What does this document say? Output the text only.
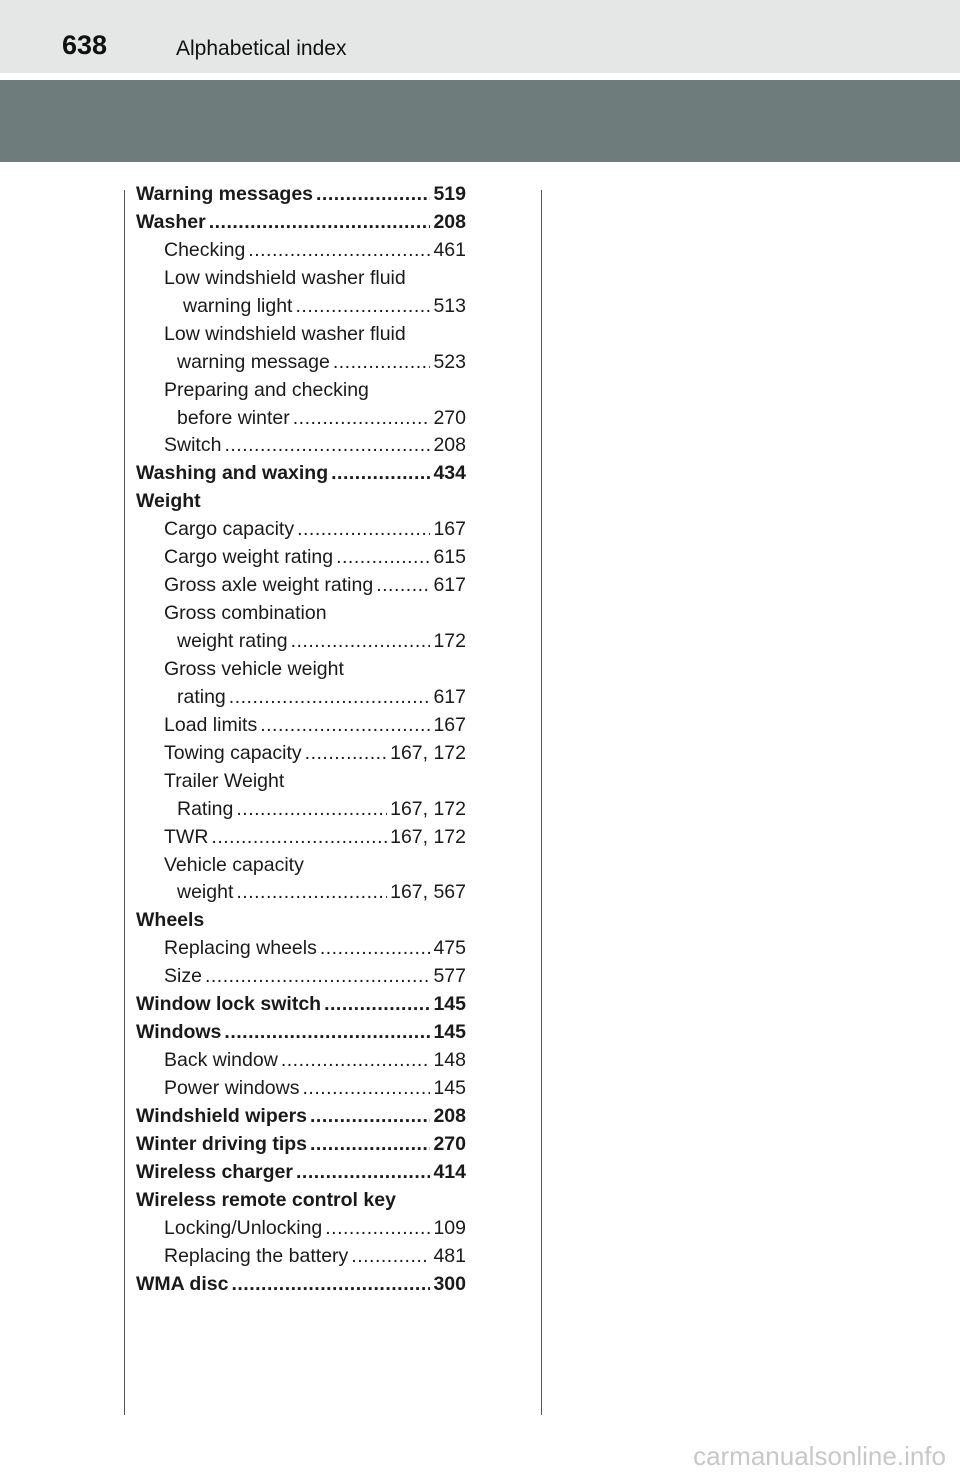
638	Alphabetical index
Warning messages .....	519
Washer .....	208
Checking .....	461
Low windshield washer fluid
warning light .....	513
Low windshield washer fluid
warning message .....	523
Preparing and checking
before winter .....	270
Switch .....	208
Washing and waxing .....	434
Weight
Cargo capacity .....	167
Cargo weight rating .....	615
Gross axle weight rating .....	617
Gross combination
weight rating .....	172
Gross vehicle weight
rating .....	617
Load limits .....	167
Towing capacity .....	167, 172
Trailer Weight
Rating .....	167, 172
TWR .....	167, 172
Vehicle capacity
weight .....	167, 567
Wheels
Replacing wheels .....	475
Size .....	577
Window lock switch .....	145
Windows .....	145
Back window .....	148
Power windows .....	145
Windshield wipers .....	208
Winter driving tips .....	270
Wireless charger .....	414
Wireless remote control key
Locking/Unlocking .....	109
Replacing the battery .....	481
WMA disc .....	300
carmanualsonline.info
